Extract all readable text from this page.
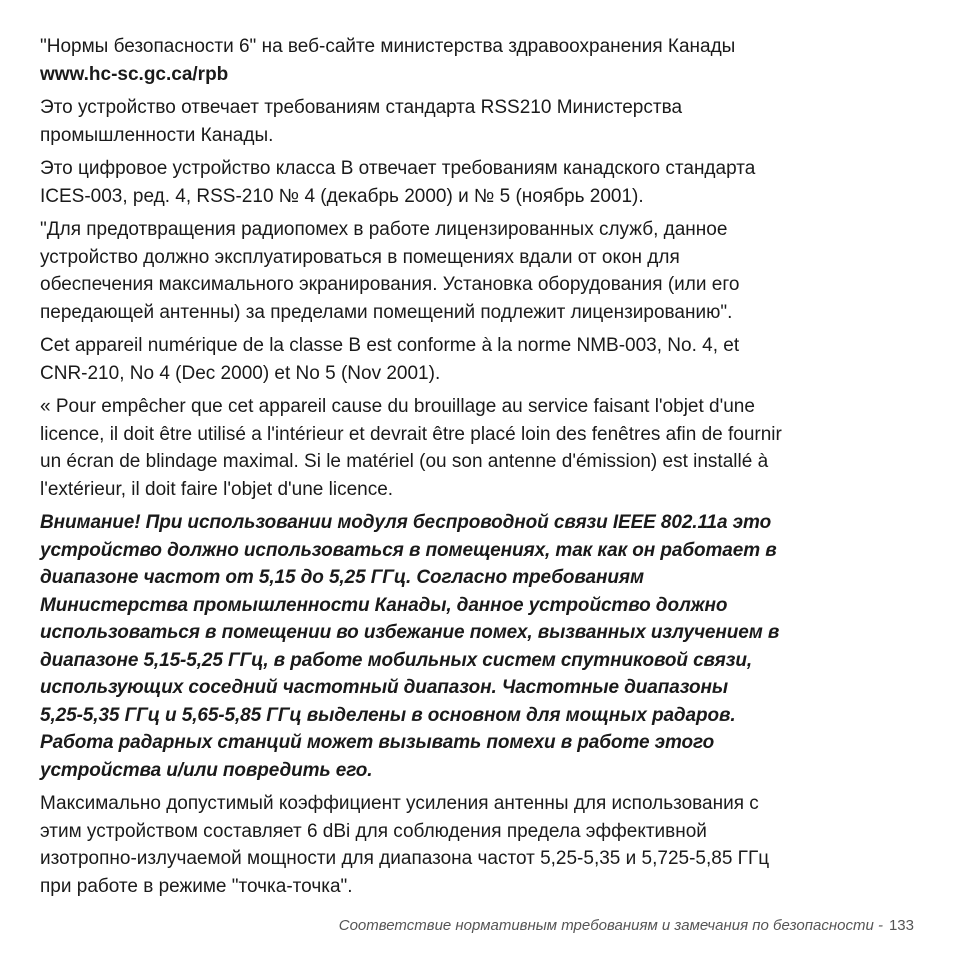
"Нормы безопасности 6" на веб-сайте министерства здравоохранения Канады
www.hc-sc.gc.ca/rpb

Это устройство отвечает требованиям стандарта RSS210 Министерства
промышленности Канады.

Это цифровое устройство класса B отвечает требованиям канадского стандарта
ICES-003, ред. 4, RSS-210 № 4 (декабрь 2000) и № 5 (ноябрь 2001).

"Для предотвращения радиопомех в работе лицензированных служб, данное
устройство должно эксплуатироваться в помещениях вдали от окон для
обеспечения максимального экранирования. Установка оборудования (или его
передающей антенны) за пределами помещений подлежит лицензированию".

Cet appareil numérique de la classe B est conforme à la norme NMB-003, No. 4, et
CNR-210, No 4 (Dec 2000) et No 5 (Nov 2001).

« Pour empêcher que cet appareil cause du brouillage au service faisant l'objet d'une
licence, il doit être utilisé a l'intérieur et devrait être placé loin des fenêtres afin de fournir
un écran de blindage maximal. Si le matériel (ou son antenne d'émission) est installé à
l'extérieur, il doit faire l'objet d'une licence.

Внимание! При использовании модуля беспроводной связи IEEE 802.11a это
устройство должно использоваться в помещениях, так как он работает в
диапазоне частот от 5,15 до 5,25 ГГц. Согласно требованиям
Министерства промышленности Канады, данное устройство должно
использоваться в помещении во избежание помех, вызванных излучением в
диапазоне 5,15-5,25 ГГц, в работе мобильных систем спутниковой связи,
использующих соседний частотный диапазон. Частотные диапазоны
5,25-5,35 ГГц и 5,65-5,85 ГГц выделены в основном для мощных радаров.
Работа радарных станций может вызывать помехи в работе этого
устройства и/или повредить его.

Максимально допустимый коэффициент усиления антенны для использования с
этим устройством составляет 6 dBi для соблюдения предела эффективной
изотропно-излучаемой мощности для диапазона частот 5,25-5,35 и 5,725-5,85 ГГц
при работе в режиме "точка-точка".

Соответствие нормативным требованиям и замечания по безопасности - 133
